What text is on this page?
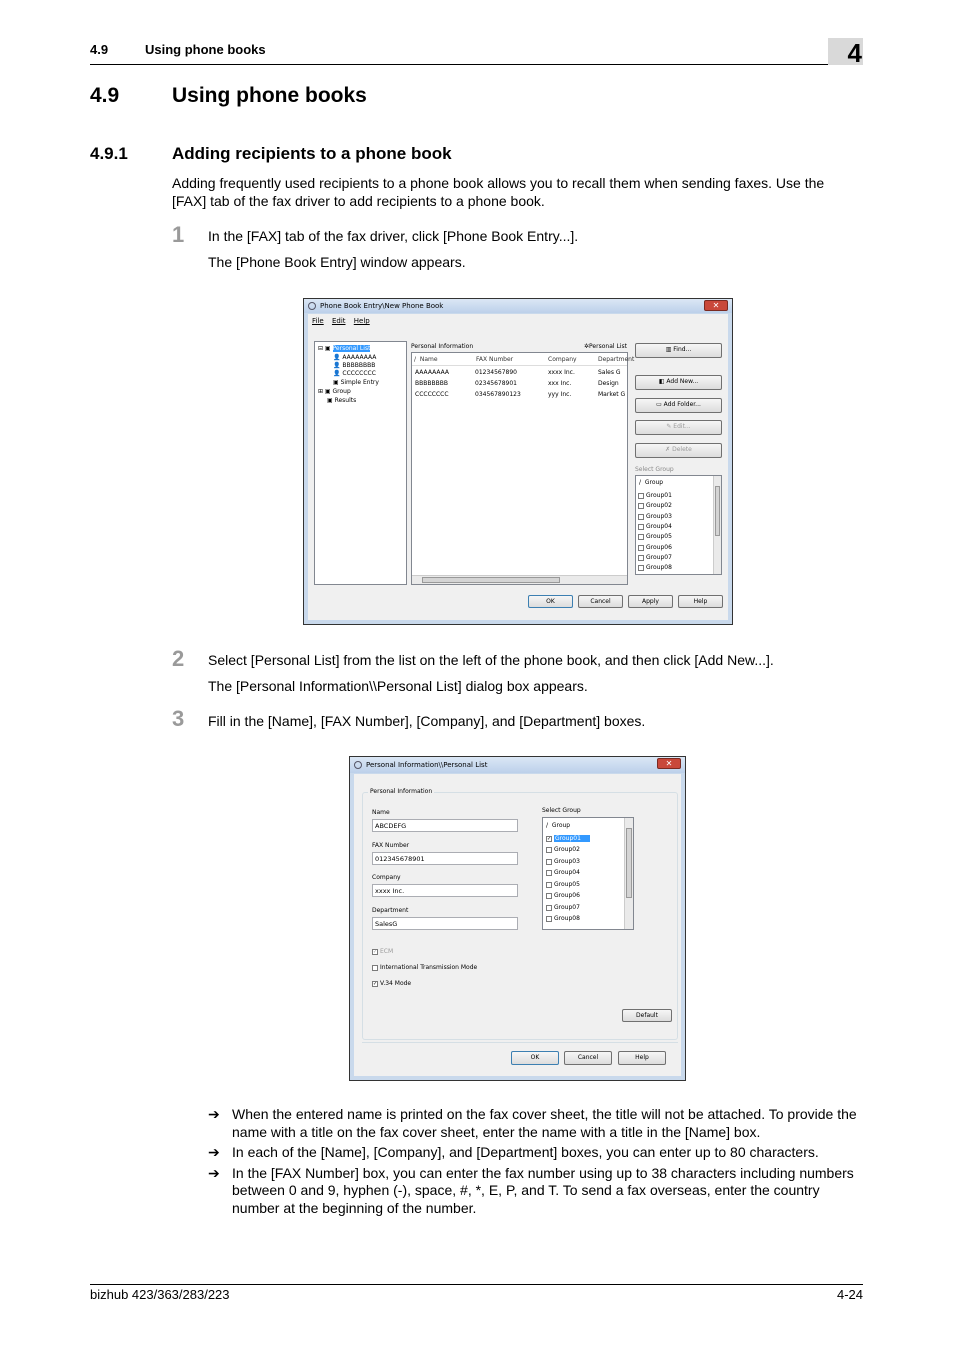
4.9	Using phone books	4
4.9	Using phone books
4.9.1	Adding recipients to a phone book
Adding frequently used recipients to a phone book allows you to recall them when sending faxes. Use the [FAX] tab of the fax driver to add recipients to a phone book.
1 In the [FAX] tab of the fax driver, click [Phone Book Entry...].
The [Phone Book Entry] window appears.
Phone Book Entry\New Phone Book	✕
File Edit Help
⊟ ▣ Personal List
👤 AAAAAAAA
👤 BBBBBBBB
👤 CCCCCCCC
▣ Simple Entry
⊞ ▣ Group
▣ Results
Personal Information	✲Personal List
/  Name	FAX Number	Company	Department
AAAAAAAA	01234567890	xxxx Inc.	Sales G
BBBBBBBB	02345678901	xxx Inc.	Design
CCCCCCCC	034567890123	yyy Inc.	Market G
▥ Find...
◧ Add New...
▭ Add Folder...
✎ Edit...
✗ Delete
Select Group
/  Group
Group01
Group02
Group03
Group04
Group05
Group06
Group07
Group08
OK	Cancel	Apply	Help
2 Select [Personal List] from the list on the left of the phone book, and then click [Add New...].
The [Personal Information\\Personal List] dialog box appears.
3 Fill in the [Name], [FAX Number], [Company], and [Department] boxes.
Personal Information\\Personal List	✕
Personal Information
Name
ABCDEFG
FAX Number
012345678901
Company
xxxx Inc.
Department
SalesG
Select Group
/  Group
✓ Group01
Group02
Group03
Group04
Group05
Group06
Group07
Group08
✓ ECM
International Transmission Mode
✓ V.34 Mode
Default
OK	Cancel	Help
➔ When the entered name is printed on the fax cover sheet, the title will not be attached. To provide the name with a title on the fax cover sheet, enter the name with a title in the [Name] box.
➔ In each of the [Name], [Company], and [Department] boxes, you can enter up to 80 characters.
➔ In the [FAX Number] box, you can enter the fax number using up to 38 characters including numbers between 0 and 9, hyphen (-), space, #, *, E, P, and T. To send a fax overseas, enter the country number at the beginning of the number.
bizhub 423/363/283/223	4-24
